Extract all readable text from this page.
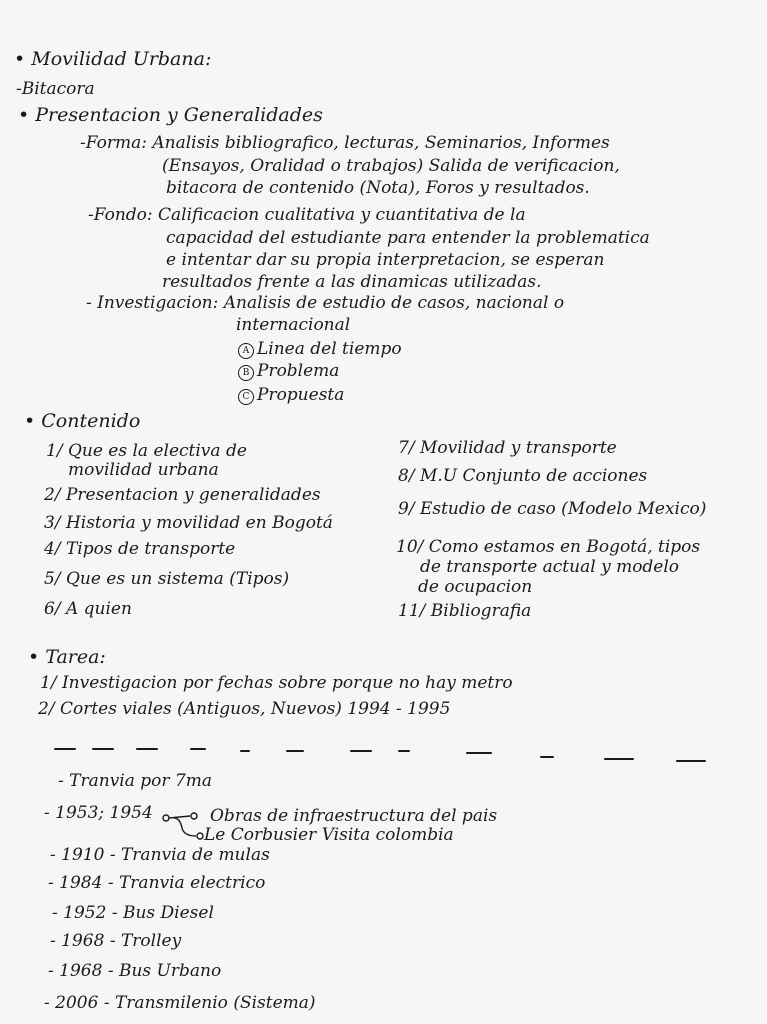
• Movilidad Urbana:
-Bitacora
• Presentacion y Generalidades
-Forma: Analisis bibliografico, lecturas, Seminarios, Informes
(Ensayos, Oralidad o trabajos) Salida de verificacion,
bitacora de contenido (Nota), Foros y resultados.
-Fondo: Calificacion cualitativa y cuantitativa de la
capacidad del estudiante para entender la problematica
e intentar dar su propia interpretacion, se esperan
resultados frente a las dinamicas utilizadas.
- Investigacion: Analisis de estudio de casos, nacional o
internacional
A Linea del tiempo
B Problema
C Propuesta
• Contenido
1/ Que es la electiva de
movilidad urbana
2/ Presentacion y generalidades
3/ Historia y movilidad en Bogotá
4/ Tipos de transporte
5/ Que es un sistema (Tipos)
6/ A quien
7/ Movilidad y transporte
8/ M.U Conjunto de acciones
9/ Estudio de caso (Modelo Mexico)
10/ Como estamos en Bogotá, tipos
de transporte actual y modelo
de ocupacion
11/ Bibliografia
• Tarea:
1/ Investigacion por fechas sobre porque no hay metro
2/ Cortes viales (Antiguos, Nuevos) 1994 - 1995
- Tranvia por 7ma
- 1953; 1954	Obras de infraestructura del pais
Le Corbusier Visita colombia
- 1910 - Tranvia de mulas
- 1984 - Tranvia electrico
- 1952 - Bus Diesel
- 1968 - Trolley
- 1968 - Bus Urbano
- 2006 - Transmilenio (Sistema)
